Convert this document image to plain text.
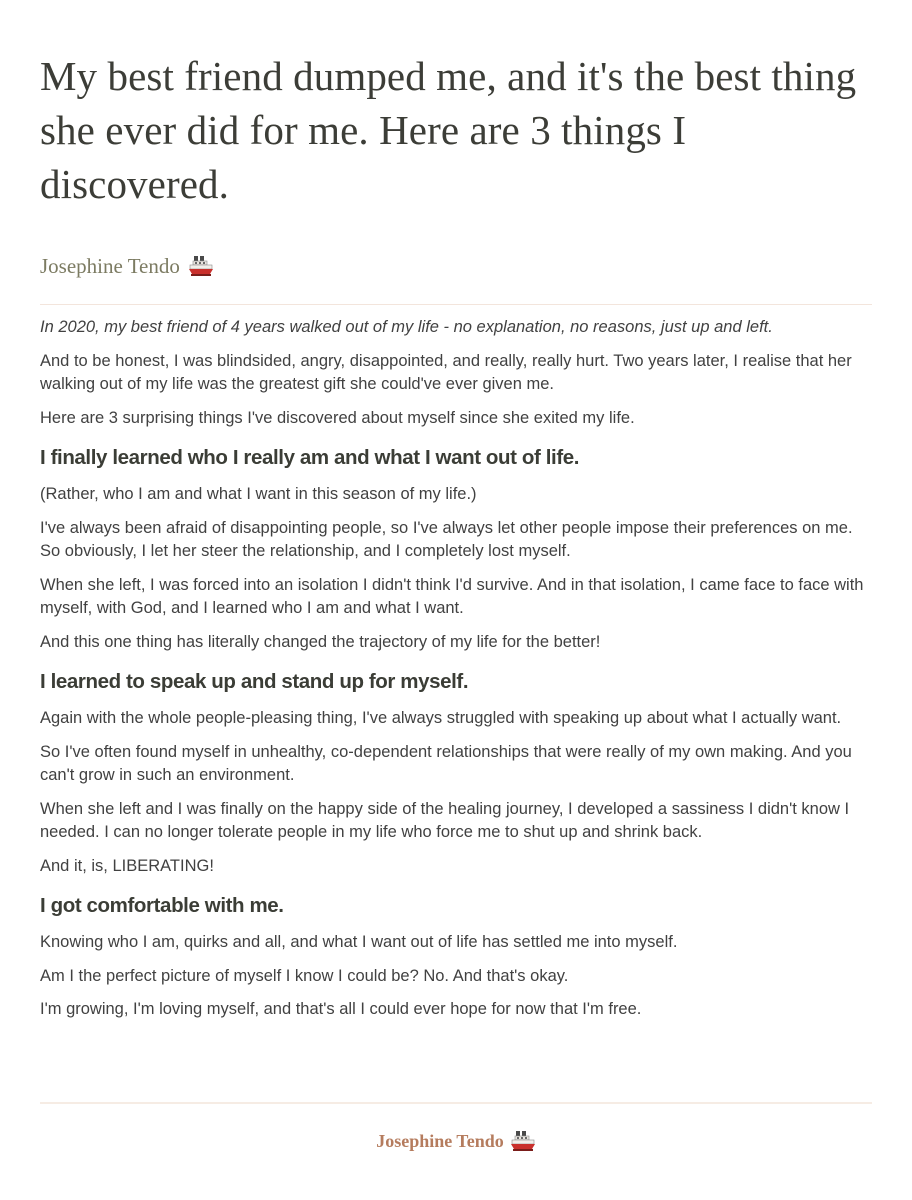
My best friend dumped me, and it's the best thing she ever did for me. Here are 3 things I discovered.
Josephine Tendo

In 2020, my best friend of 4 years walked out of my life - no explanation, no reasons, just up and left.

And to be honest, I was blindsided, angry, disappointed, and really, really hurt. Two years later, I realise that her walking out of my life was the greatest gift she could've ever given me.

Here are 3 surprising things I've discovered about myself since she exited my life.

I finally learned who I really am and what I want out of life.

(Rather, who I am and what I want in this season of my life.)

I've always been afraid of disappointing people, so I've always let other people impose their preferences on me. So obviously, I let her steer the relationship, and I completely lost myself.

When she left, I was forced into an isolation I didn't think I'd survive. And in that isolation, I came face to face with myself, with God, and I learned who I am and what I want.

And this one thing has literally changed the trajectory of my life for the better!

I learned to speak up and stand up for myself.

Again with the whole people-pleasing thing, I've always struggled with speaking up about what I actually want.

So I've often found myself in unhealthy, co-dependent relationships that were really of my own making. And you can't grow in such an environment.

When she left and I was finally on the happy side of the healing journey, I developed a sassiness I didn't know I needed. I can no longer tolerate people in my life who force me to shut up and shrink back.

And it, is, LIBERATING!

I got comfortable with me.

Knowing who I am, quirks and all, and what I want out of life has settled me into myself.

Am I the perfect picture of myself I know I could be? No. And that's okay.

I'm growing, I'm loving myself, and that's all I could ever hope for now that I'm free.

Josephine Tendo
